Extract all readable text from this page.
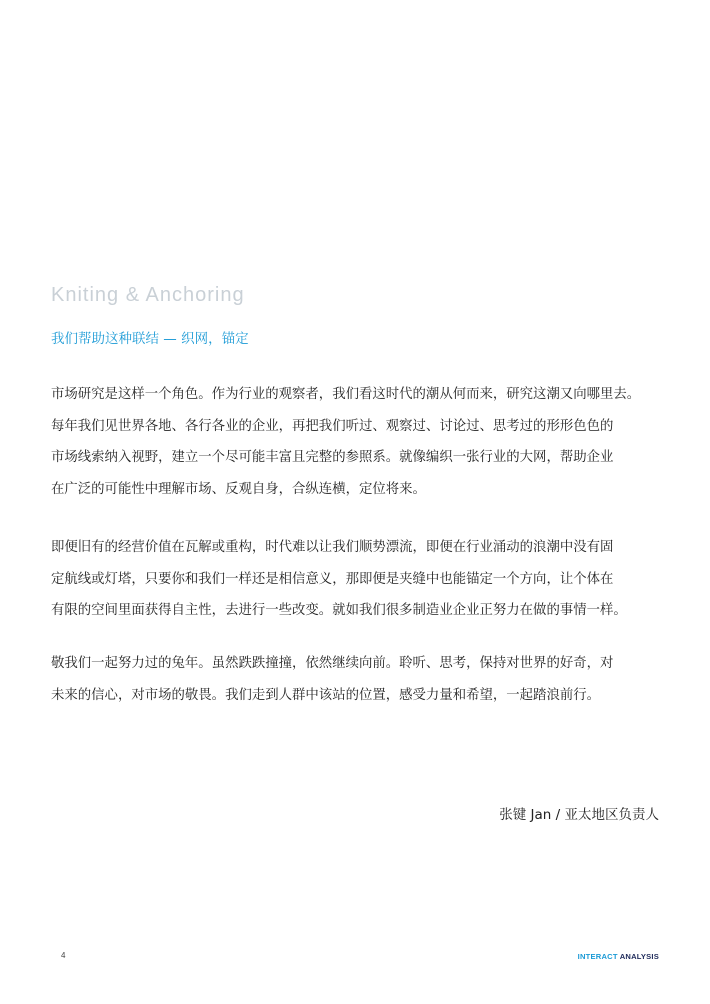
Kniting & Anchoring
我们帮助这种联结 — 织网，锚定

市场研究是这样一个角色。作为行业的观察者，我们看这时代的潮从何而来，研究这潮又向哪里去。
每年我们见世界各地、各行各业的企业，再把我们听过、观察过、讨论过、思考过的形形色色的
市场线索纳入视野，建立一个尽可能丰富且完整的参照系。就像编织一张行业的大网，帮助企业
在广泛的可能性中理解市场、反观自身，合纵连横，定位将来。

即便旧有的经营价值在瓦解或重构，时代难以让我们顺势漂流，即便在行业涌动的浪潮中没有固
定航线或灯塔，只要你和我们一样还是相信意义，那即便是夹缝中也能锚定一个方向，让个体在
有限的空间里面获得自主性，去进行一些改变。就如我们很多制造业企业正努力在做的事情一样。

敬我们一起努力过的兔年。虽然跌跌撞撞，依然继续向前。聆听、思考，保持对世界的好奇，对
未来的信心，对市场的敬畏。我们走到人群中该站的位置，感受力量和希望，一起踏浪前行。

张键 Jan / 亚太地区负责人
4	INTERACT ANALYSIS
